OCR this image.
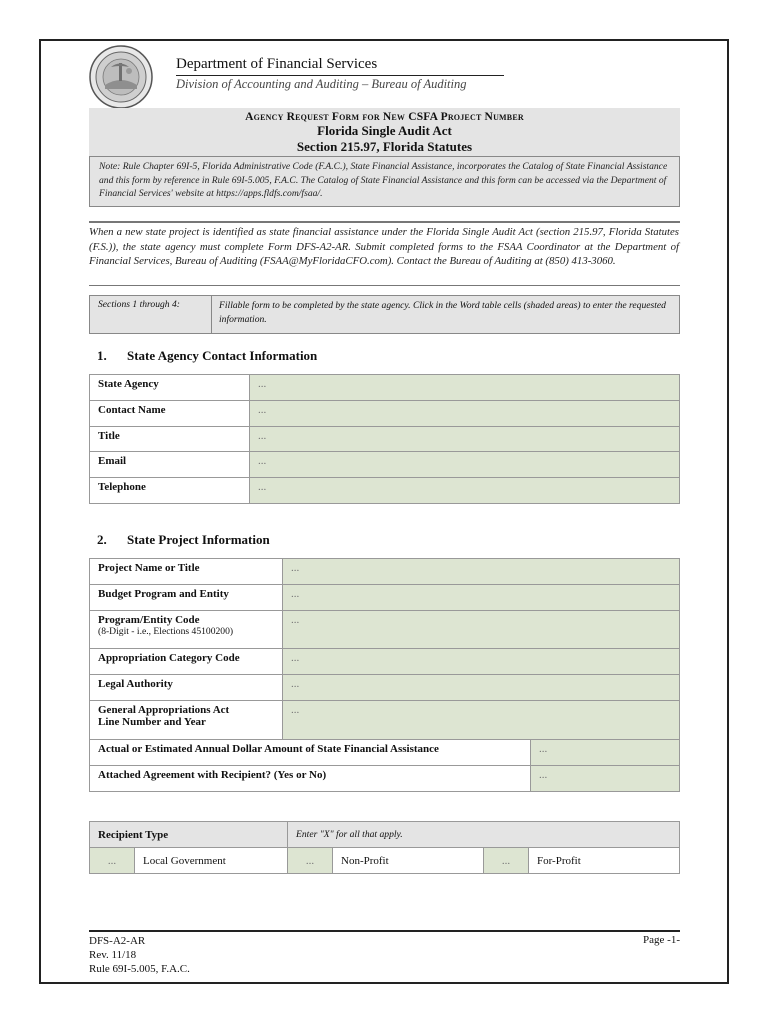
Department of Financial Services
Division of Accounting and Auditing – Bureau of Auditing
Agency Request Form for New CSFA Project Number
Florida Single Audit Act
Section 215.97, Florida Statutes
Note: Rule Chapter 69I-5, Florida Administrative Code (F.A.C.), State Financial Assistance, incorporates the Catalog of State Financial Assistance and this form by reference in Rule 69I-5.005, F.A.C. The Catalog of State Financial Assistance and this form can be accessed via the Department of Financial Services' website at https://apps.fldfs.com/fsaa/.
When a new state project is identified as state financial assistance under the Florida Single Audit Act (section 215.97, Florida Statutes (F.S.)), the state agency must complete Form DFS-A2-AR. Submit completed forms to the FSAA Coordinator at the Department of Financial Services, Bureau of Auditing (FSAA@MyFloridaCFO.com). Contact the Bureau of Auditing at (850) 413-3060.
Sections 1 through 4:	Fillable form to be completed by the state agency. Click in the Word table cells (shaded areas) to enter the requested information.
1. State Agency Contact Information
State Agency	...
Contact Name	...
Title	...
Email	...
Telephone	...
2. State Project Information
Project Name or Title	...	
Budget Program and Entity	...	
Program/Entity Code
(8-Digit - i.e., Elections 45100200)	...	
Appropriation Category Code	...	
Legal Authority	...	
General Appropriations Act
Line Number and Year	...	
Actual or Estimated Annual Dollar Amount of State Financial Assistance		...
Attached Agreement with Recipient? (Yes or No)		...
Recipient Type		Enter "X" for all that apply.			
...	Local Government	...	Non-Profit	...	For-Profit
DFS-A2-AR
Rev. 11/18
Rule 69I-5.005, F.A.C.
Page -1-
